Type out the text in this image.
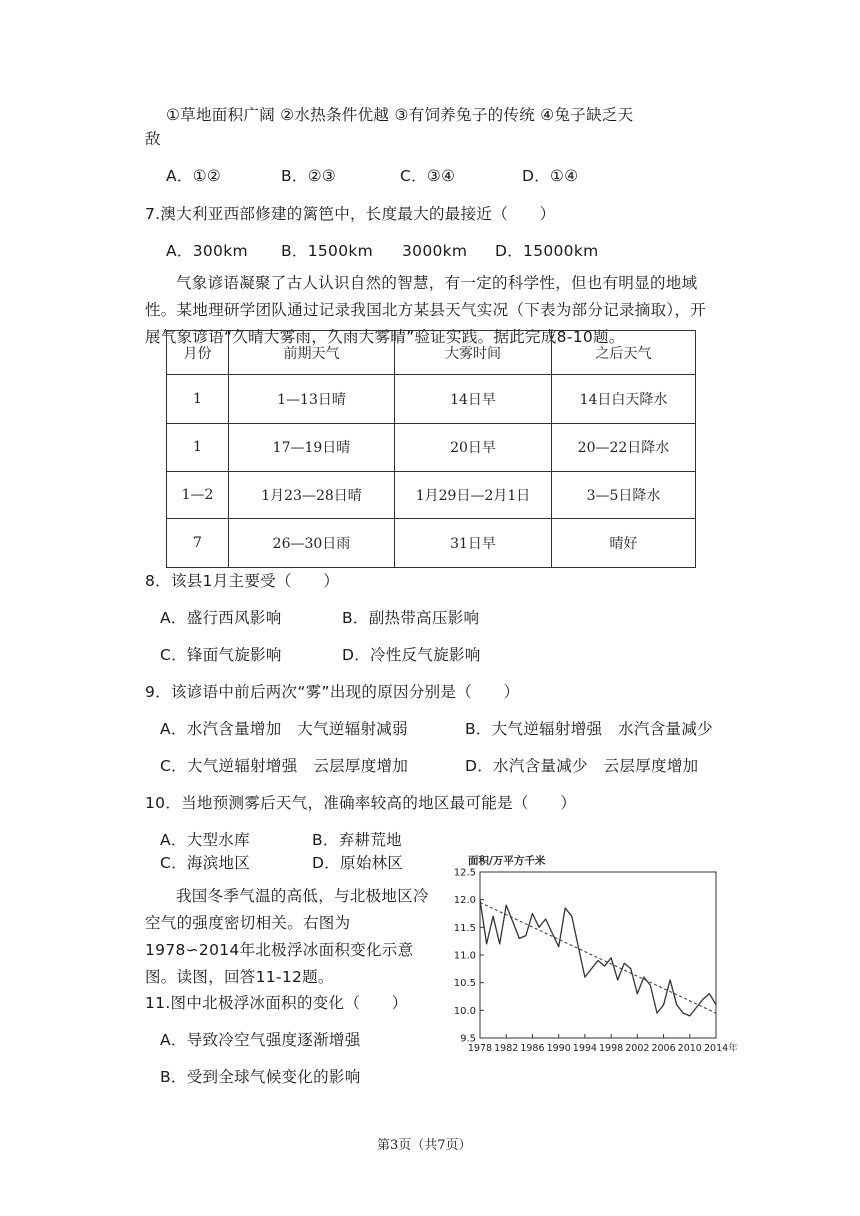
①草地面积广阔 ②水热条件优越 ③有饲养兔子的传统 ④兔子缺乏天
敌
A．①②	B．②③	C．③④	D．①④
7.澳大利亚西部修建的篱笆中，长度最大的最接近（　　）
A．300km B．1500km 3000km D．15000km
气象谚语凝聚了古人认识自然的智慧，有一定的科学性，但也有明显的地域性。某地理研学团队通过记录我国北方某县天气实况（下表为部分记录摘取），开展气象谚语“久晴大雾雨，久雨大雾晴”验证实践。据此完成8-10题。
月份	前期天气	大雾时间	之后天气
1	1—13日晴	14日早	14日白天降水
1	17—19日晴	20日早	20—22日降水
1—2	1月23—28日晴	1月29日—2月1日	3—5日降水
7	26—30日雨	31日早	晴好
8．该县1月主要受（　　）
A．盛行西风影响	B．副热带高压影响
C．锋面气旋影响	D．冷性反气旋影响
9．该谚语中前后两次“雾”出现的原因分别是（　　）
A．水汽含量增加　大气逆辐射减弱	B．大气逆辐射增强　水汽含量减少
C．大气逆辐射增强　云层厚度增加	D．水汽含量减少　云层厚度增加
10．当地预测雾后天气，准确率较高的地区最可能是（　　）
A．大型水库	B．弃耕荒地
C．海滨地区	D．原始林区
我国冬季气温的高低，与北极地区冷空气的强度密切相关。右图为1978∽2014年北极浮冰面积变化示意图。读图，回答11-12题。
11.图中北极浮冰面积的变化（　　）
A．导致冷空气强度逐渐增强
B．受到全球气候变化的影响
面积/万平方千米
9.5
10.0
10.5
11.0
11.5
12.0
12.5
1978 1982 1986 1990 1994 1998 2002 2006 2010 2014年
第3页（共7页）
